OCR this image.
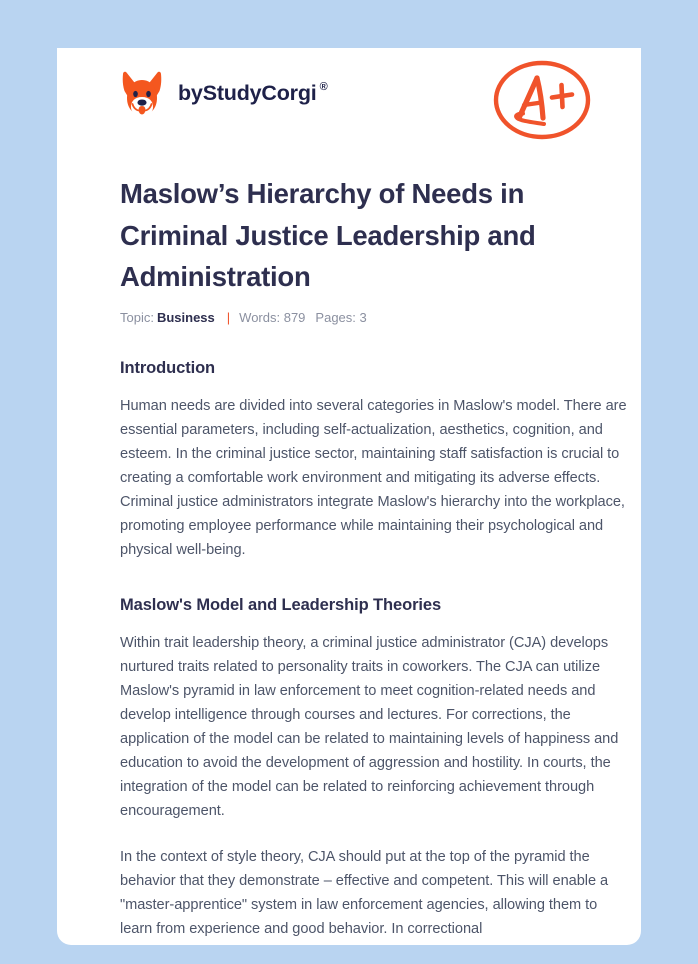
by StudyCorgi ®
Maslow’s Hierarchy of Needs in Criminal Justice Leadership and Administration
Topic: Business | Words: 879 Pages: 3
Introduction

Human needs are divided into several categories in Maslow's model. There are essential parameters, including self-actualization, aesthetics, cognition, and esteem. In the criminal justice sector, maintaining staff satisfaction is crucial to creating a comfortable work environment and mitigating its adverse effects. Criminal justice administrators integrate Maslow's hierarchy into the workplace, promoting employee performance while maintaining their psychological and physical well-being.

Maslow's Model and Leadership Theories

Within trait leadership theory, a criminal justice administrator (CJA) develops nurtured traits related to personality traits in coworkers. The CJA can utilize Maslow's pyramid in law enforcement to meet cognition-related needs and develop intelligence through courses and lectures. For corrections, the application of the model can be related to maintaining levels of happiness and education to avoid the development of aggression and hostility. In courts, the integration of the model can be related to reinforcing achievement through encouragement.

In the context of style theory, CJA should put at the top of the pyramid the behavior that they demonstrate – effective and competent. This will enable a "master-apprentice" system in law enforcement agencies, allowing them to learn from experience and good behavior. In correctional
